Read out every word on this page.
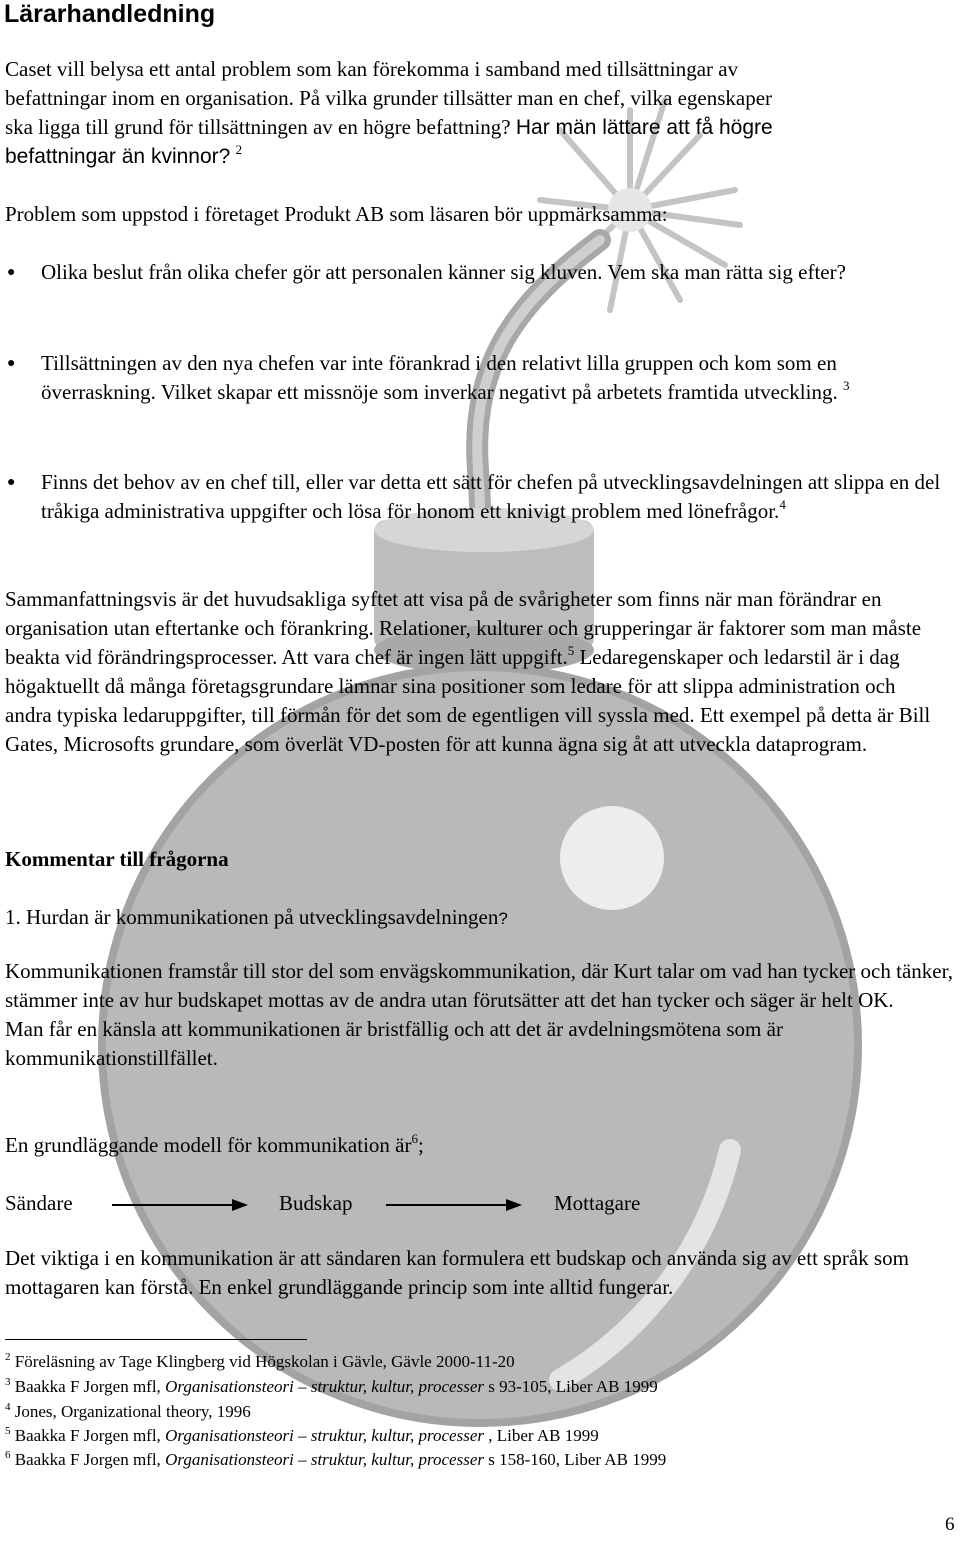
Lärarhandledning

Caset vill belysa ett antal problem som kan förekomma i samband med tillsättningar av
befattningar inom en organisation. På vilka grunder tillsätter man en chef, vilka egenskaper
ska ligga till grund för tillsättningen av en högre befattning? Har män lättare att få högre
befattningar än kvinnor? $^2$

Problem som uppstod i företaget Produkt AB som läsaren bör uppmärksamma:

● Olika beslut från olika chefer gör att personalen känner sig kluven. Vem ska man rätta sig efter?

● Tillsättningen av den nya chefen var inte förankrad i den relativt lilla gruppen och kom som en överraskning. Vilket skapar ett missnöje som inverkar negativt på arbetets framtida utveckling. $^3$

● Finns det behov av en chef till, eller var detta ett sätt för chefen på utvecklingsavdelningen att slippa en del tråkiga administrativa uppgifter och lösa för honom ett knivigt problem med lönefrågor.$^4$

Sammanfattningsvis är det huvudsakliga syftet att visa på de svårigheter som finns när man förändrar en organisation utan eftertanke och förankring. Relationer, kulturer och grupperingar är faktorer som man måste beakta vid förändringsprocesser. Att vara chef är ingen lätt uppgift.$^5$ Ledaregenskaper och ledarstil är i dag högaktuellt då många företagsgrundare lämnar sina positioner som ledare för att slippa administration och andra typiska ledaruppgifter, till förmån för det som de egentligen vill syssla med. Ett exempel på detta är Bill Gates, Microsofts grundare, som överlät VD-posten för att kunna ägna sig åt att utveckla dataprogram.

Kommentar till frågorna

1. Hurdan är kommunikationen på utvecklingsavdelningen?

Kommunikationen framstår till stor del som envägskommunikation, där Kurt talar om vad han tycker och tänker, stämmer inte av hur budskapet mottas av de andra utan förutsätter att det han tycker och säger är helt OK.
Man får en känsla att kommunikationen är bristfällig och att det är avdelningsmötena som är kommunikationstillfället.

En grundläggande modell för kommunikation $är^6$;

Sändare	Budskap	Mottagare

Det viktiga i en kommunikation är att sändaren kan formulera ett budskap och använda sig av ett språk som mottagaren kan förstå. En enkel grundläggande princip som inte alltid fungerar.

$^2$ Föreläsning av Tage Klingberg vid Högskolan i Gävle, Gävle 2000-11-20

$^3$ Baakka F Jorgen mfl, Organisationsteori – struktur, kultur, processer s 93-105, Liber AB 1999

$^4$ Jones, Organizational theory, 1996

$^5$ Baakka F Jorgen mfl, Organisationsteori – struktur, kultur, processer , Liber AB 1999

$^6$ Baakka F Jorgen mfl, Organisationsteori – struktur, kultur, processer s 158-160, Liber AB 1999

6
